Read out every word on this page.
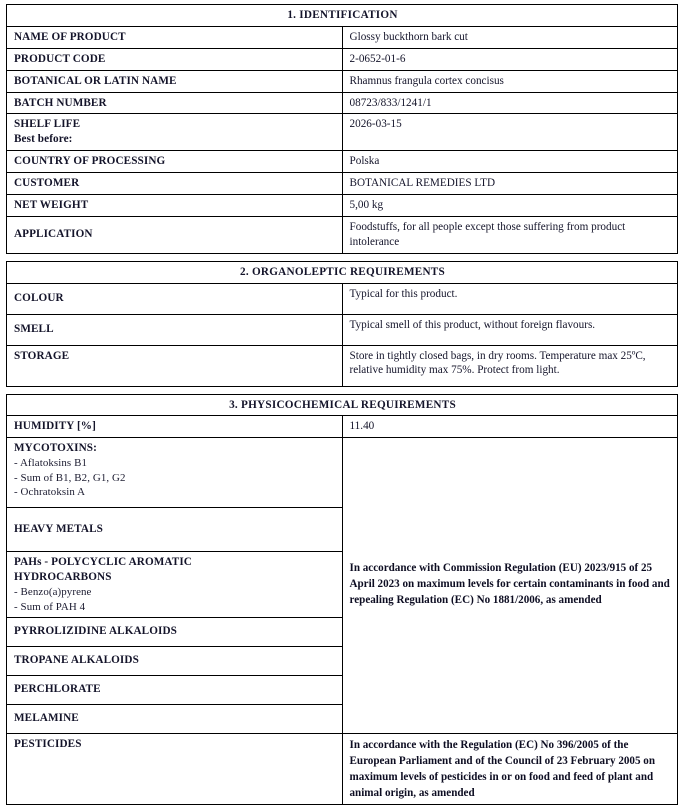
1. IDENTIFICATION	
NAME OF PRODUCT	Glossy buckthorn bark cut
PRODUCT CODE	2-0652-01-6
BOTANICAL OR LATIN NAME	Rhamnus frangula cortex concisus
BATCH NUMBER	08723/833/1241/1
SHELF LIFE
Best before:	2026-03-15
COUNTRY OF PROCESSING	Polska
CUSTOMER	BOTANICAL REMEDIES LTD
NET WEIGHT	5,00 kg
APPLICATION	Foodstuffs, for all people except those suffering from product intolerance
2. ORGANOLEPTIC REQUIREMENTS	
COLOUR	Typical for this product.
SMELL	Typical smell of this product, without foreign flavours.
STORAGE	Store in tightly closed bags, in dry rooms. Temperature max 25ºC, relative humidity max 75%. Protect from light.
3. PHYSICOCHEMICAL REQUIREMENTS	
HUMIDITY [%]	11.40
MYCOTOXINS:
- Aflatoksins B1
- Sum of B1, B2, G1, G2
- Ochratoksin A
	In accordance with Commission Regulation (EU) 2023/915 of 25 April 2023 on maximum levels for certain contaminants in food and repealing Regulation (EC) No 1881/2006, as amended
HEAVY METALS	
PAHs - POLYCYCLIC AROMATIC
HYDROCARBONS
- Benzo(a)pyrene
- Sum of PAH 4

PYRROLIZIDINE ALKALOIDS	
TROPANE ALKALOIDS	
PERCHLORATE	
MELAMINE	
PESTICIDES	In accordance with the Regulation (EC) No 396/2005 of the European Parliament and of the Council of 23 February 2005 on maximum levels of pesticides in or on food and feed of plant and animal origin, as amended
